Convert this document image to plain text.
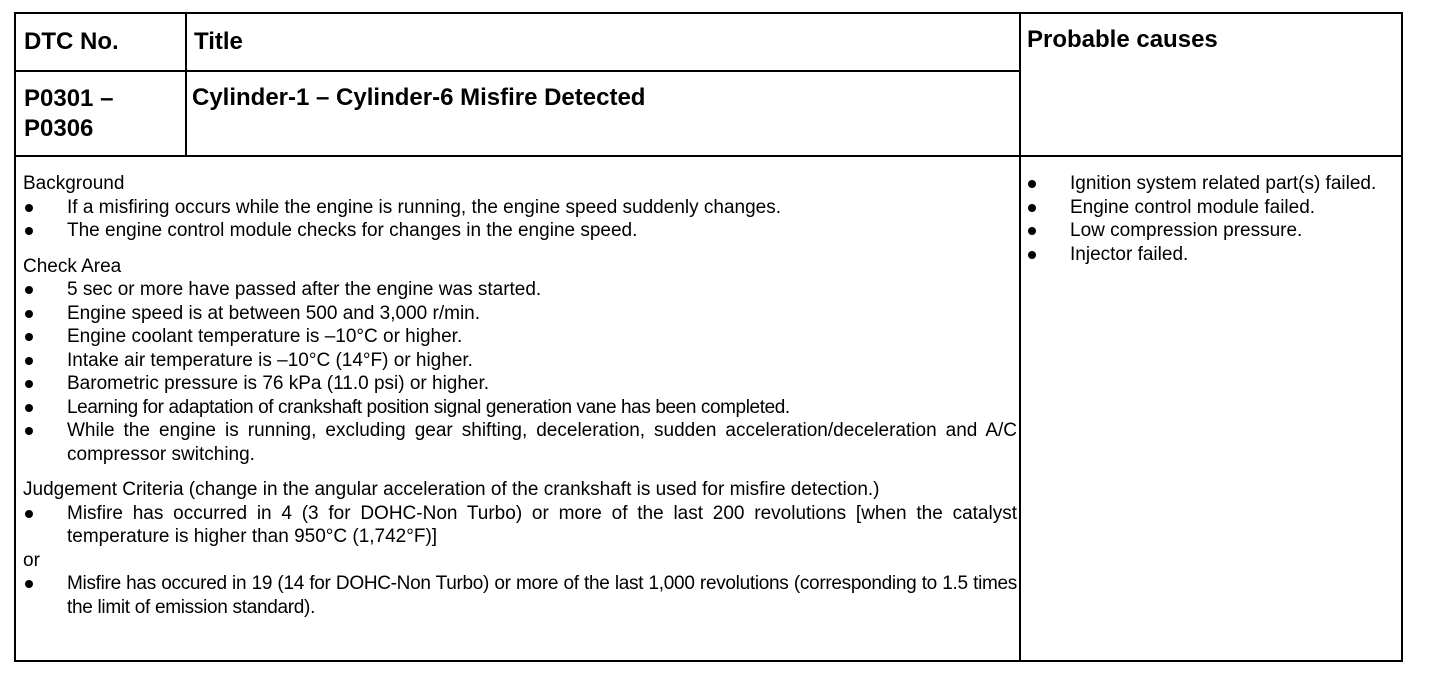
DTC No.	Title	Probable causes
P0301 –
P0306
Cylinder-1 – Cylinder-6 Misfire Detected
Background
If a misfiring occurs while the engine is running, the engine speed suddenly changes.
The engine control module checks for changes in the engine speed.
Check Area
5 sec or more have passed after the engine was started.
Engine speed is at between 500 and 3,000 r/min.
Engine coolant temperature is –10°C or higher.
Intake air temperature is –10°C (14°F) or higher.
Barometric pressure is 76 kPa (11.0 psi) or higher.
Learning for adaptation of crankshaft position signal generation vane has been completed.
While the engine is running, excluding gear shifting, deceleration, sudden acceleration/deceleration and A/C compressor switching.
Judgement Criteria (change in the angular acceleration of the crankshaft is used for misfire detection.)
Misfire has occurred in 4 (3 for DOHC-Non Turbo) or more of the last 200 revolutions [when the catalyst temperature is higher than 950°C (1,742°F)]
or
Misfire has occured in 19 (14 for DOHC-Non Turbo) or more of the last 1,000 revolutions (corresponding to 1.5 times the limit of emission standard).
Ignition system related part(s) failed.
Engine control module failed.
Low compression pressure.
Injector failed.
